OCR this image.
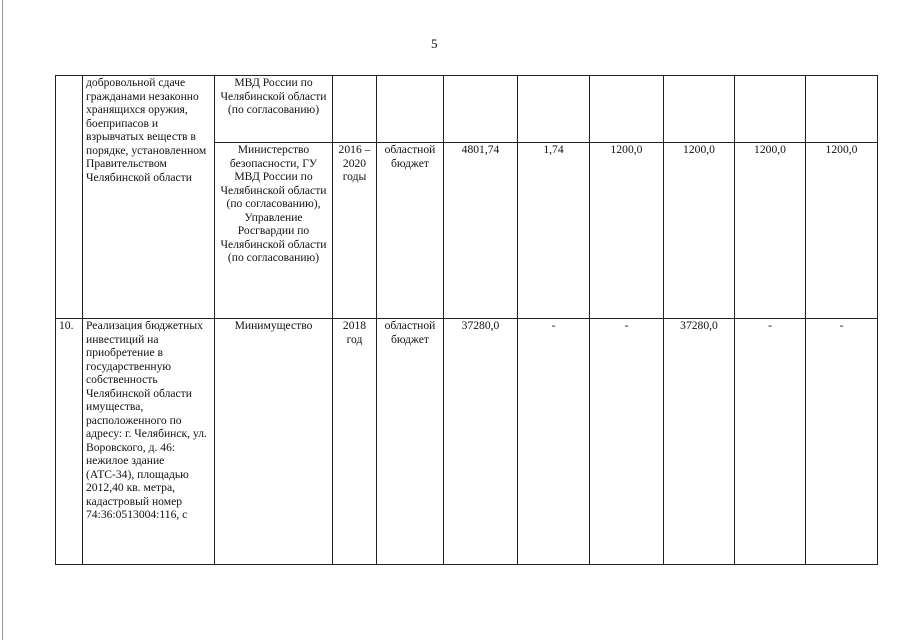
5
	добровольной сдаче гражданами незаконно хранящихся оружия, боеприпасов и взрывчатых веществ в порядке, установленном Правительством Челябинской области	МВД России по Челябинской области (по согласованию)								
		Министерство безопасности, ГУ МВД России по Челябинской области (по согласованию), Управление Росгвардии по Челябинской области (по согласованию)	2016 – 2020 годы	областной бюджет	4801,74	1,74	1200,0	1200,0	1200,0	1200,0
10.	Реализация бюджетных инвестиций на приобретение в государственную собственность Челябинской области имущества, расположенного по адресу: г. Челябинск, ул. Воровского, д. 46: нежилое здание (АТС-34), площадью 2012,40 кв. метра, кадастровый номер 74:36:0513004:116, с	Минимущество	2018 год	областной бюджет	37280,0	-	-	37280,0	-	-
